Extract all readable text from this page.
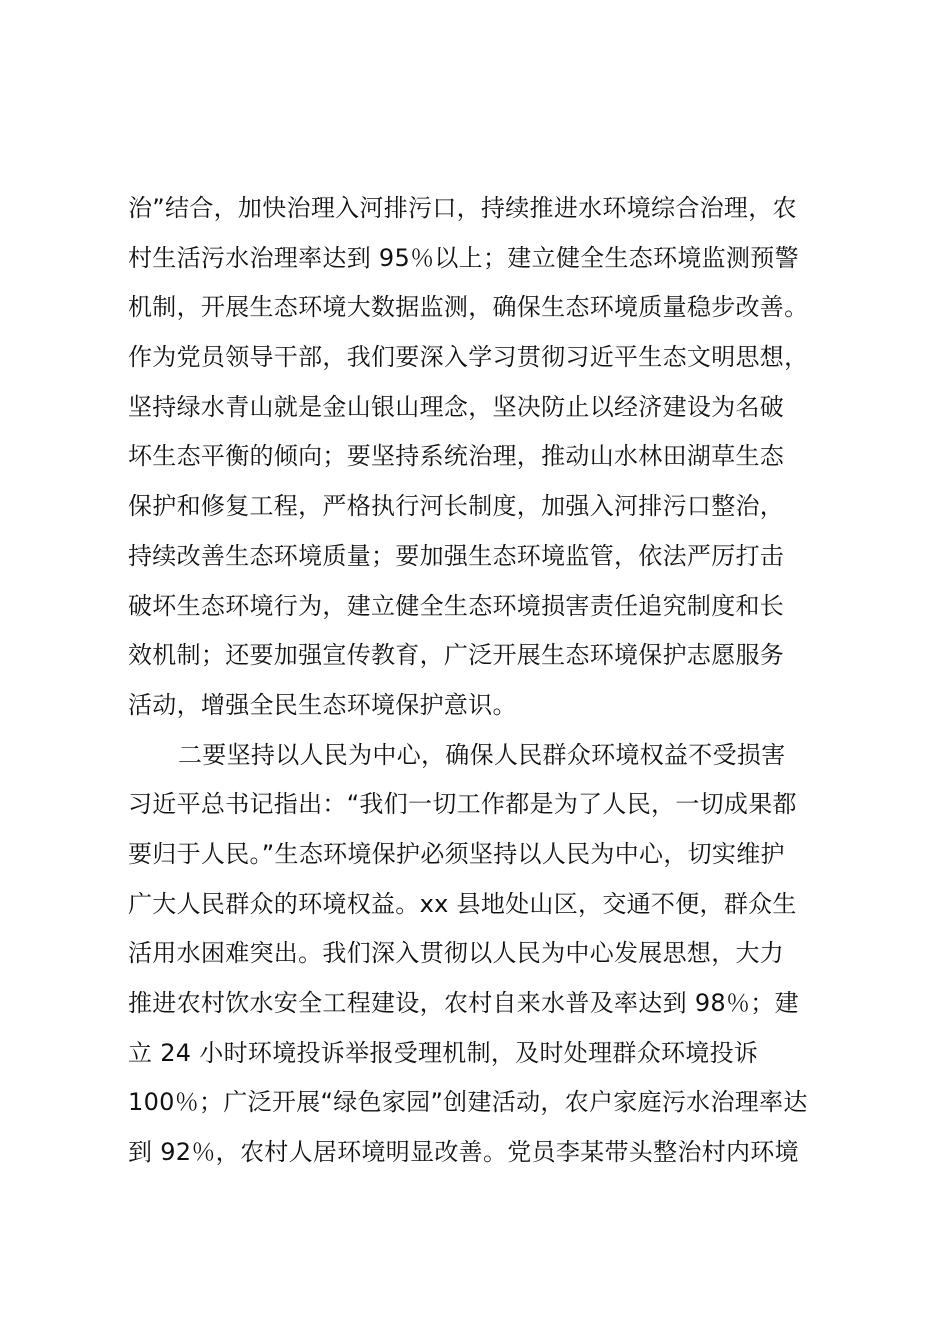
治”结合，加快治理入河排污口，持续推进水环境综合治理，农
村生活污水治理率达到 95％以上；建立健全生态环境监测预警
机制，开展生态环境大数据监测，确保生态环境质量稳步改善。
作为党员领导干部，我们要深入学习贯彻习近平生态文明思想，
坚持绿水青山就是金山银山理念，坚决防止以经济建设为名破
坏生态平衡的倾向；要坚持系统治理，推动山水林田湖草生态
保护和修复工程，严格执行河长制度，加强入河排污口整治，
持续改善生态环境质量；要加强生态环境监管，依法严厉打击
破坏生态环境行为，建立健全生态环境损害责任追究制度和长
效机制；还要加强宣传教育，广泛开展生态环境保护志愿服务
活动，增强全民生态环境保护意识。
二要坚持以人民为中心，确保人民群众环境权益不受损害
习近平总书记指出：“我们一切工作都是为了人民，一切成果都
要归于人民。”生态环境保护必须坚持以人民为中心，切实维护
广大人民群众的环境权益。xx 县地处山区，交通不便，群众生
活用水困难突出。我们深入贯彻以人民为中心发展思想，大力
推进农村饮水安全工程建设，农村自来水普及率达到 98％；建
立 24 小时环境投诉举报受理机制，及时处理群众环境投诉
100％；广泛开展“绿色家园”创建活动，农户家庭污水治理率达
到 92％，农村人居环境明显改善。党员李某带头整治村内环境
